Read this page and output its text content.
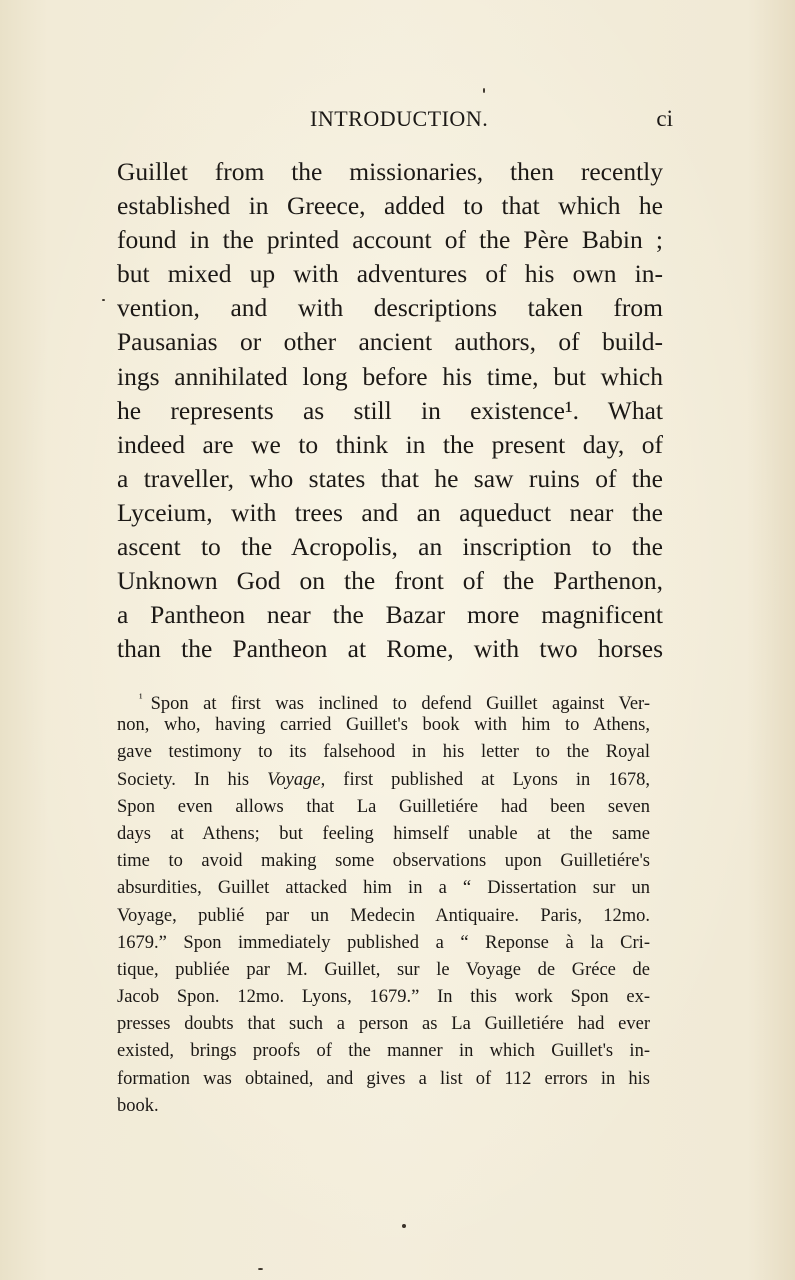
INTRODUCTION.	ci
Guillet from the missionaries, then recently
established in Greece, added to that which he
found in the printed account of the Père Babin ;
but mixed up with adventures of his own in-
vention, and with descriptions taken from
Pausanias or other ancient authors, of build-
ings annihilated long before his time, but which
he represents as still in existence¹. What
indeed are we to think in the present day, of
a traveller, who states that he saw ruins of the
Lyceium, with trees and an aqueduct near the
ascent to the Acropolis, an inscription to the
Unknown God on the front of the Parthenon,
a Pantheon near the Bazar more magnificent
than the Pantheon at Rome, with two horses
$^{^1}$ Spon at first was inclined to defend Guillet against Ver-
non, who, having carried Guillet's book with him to Athens,
gave testimony to its falsehood in his letter to the Royal
Society. In his Voyage, first published at Lyons in 1678,
Spon even allows that La Guilletiére had been seven
days at Athens; but feeling himself unable at the same
time to avoid making some observations upon Guilletiére's
absurdities, Guillet attacked him in a “ Dissertation sur un
Voyage, publié par un Medecin Antiquaire. Paris, 12mo.
1679.” Spon immediately published a “ Reponse à la Cri-
tique, publiée par M. Guillet, sur le Voyage de Gréce de
Jacob Spon. 12mo. Lyons, 1679.” In this work Spon ex-
presses doubts that such a person as La Guilletiére had ever
existed, brings proofs of the manner in which Guillet's in-
formation was obtained, and gives a list of 112 errors in his
book.
